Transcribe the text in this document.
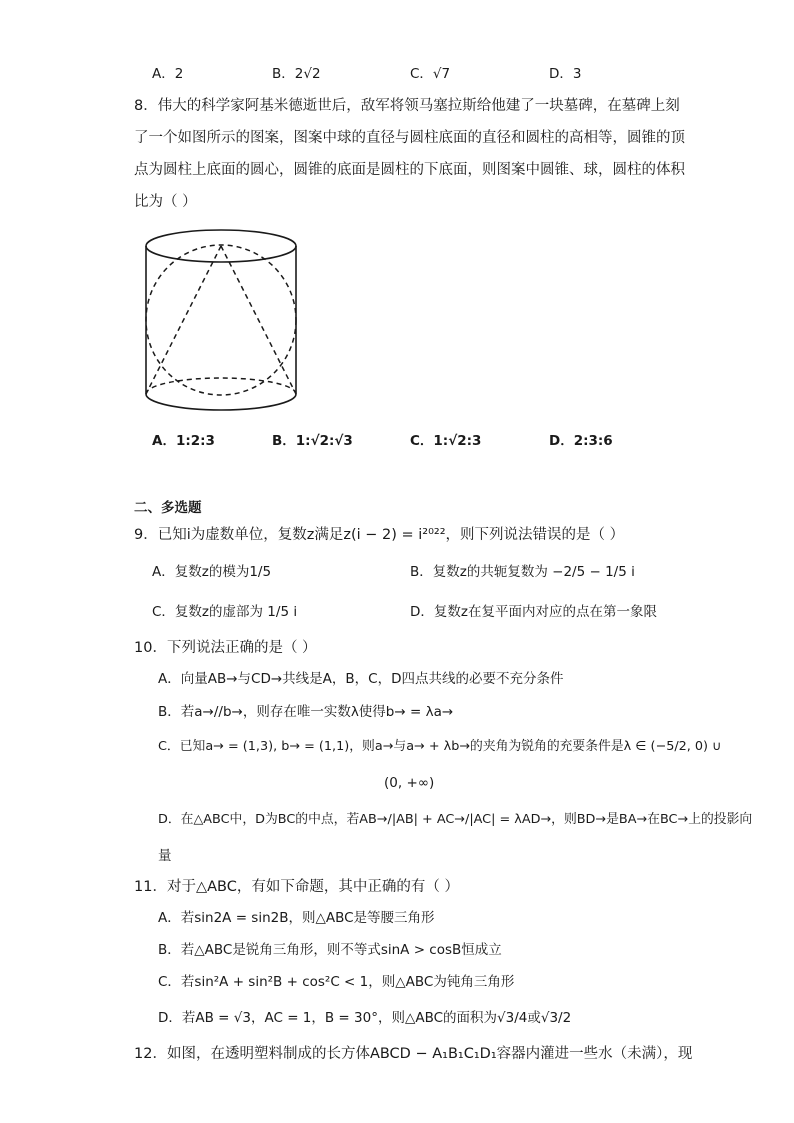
A．2	B．2√2	C．√7	D．3
8．伟大的科学家阿基米德逝世后，敌军将领马塞拉斯给他建了一块墓碑，在墓碑上刻
了一个如图所示的图案，图案中球的直径与圆柱底面的直径和圆柱的高相等，圆锥的顶
点为圆柱上底面的圆心，圆锥的底面是圆柱的下底面，则图案中圆锥、球，圆柱的体积
比为（ ）
A．1:2:3	B．1:√2:√3	C．1:√2:3	D．2:3:6
二、多选题
9．已知i为虚数单位，复数z满足z(i − 2) = i²⁰²²，则下列说法错误的是（ ）
A．复数z的模为1/5	B．复数z的共轭复数为 −2/5 − 1/5 i
C．复数z的虚部为 1/5 i	D．复数z在复平面内对应的点在第一象限
10．下列说法正确的是（ ）
A．向量AB→与CD→共线是A，B，C，D四点共线的必要不充分条件
B．若a→//b→，则存在唯一实数λ使得b→ = λa→
C．已知a→ = (1,3), b→ = (1,1)，则a→与a→ + λb→的夹角为锐角的充要条件是λ ∈ (−5/2, 0) ∪
(0, +∞)
D．在△ABC中，D为BC的中点，若AB→/|AB| + AC→/|AC| = λAD→，则BD→是BA→在BC→上的投影向
量
11．对于△ABC，有如下命题，其中正确的有（ ）
A．若sin2A = sin2B，则△ABC是等腰三角形
B．若△ABC是锐角三角形，则不等式sinA > cosB恒成立
C．若sin²A + sin²B + cos²C < 1，则△ABC为钝角三角形
D．若AB = √3，AC = 1，B = 30°，则△ABC的面积为√3/4或√3/2
12．如图，在透明塑料制成的长方体ABCD − A₁B₁C₁D₁容器内灌进一些水（未满），现
